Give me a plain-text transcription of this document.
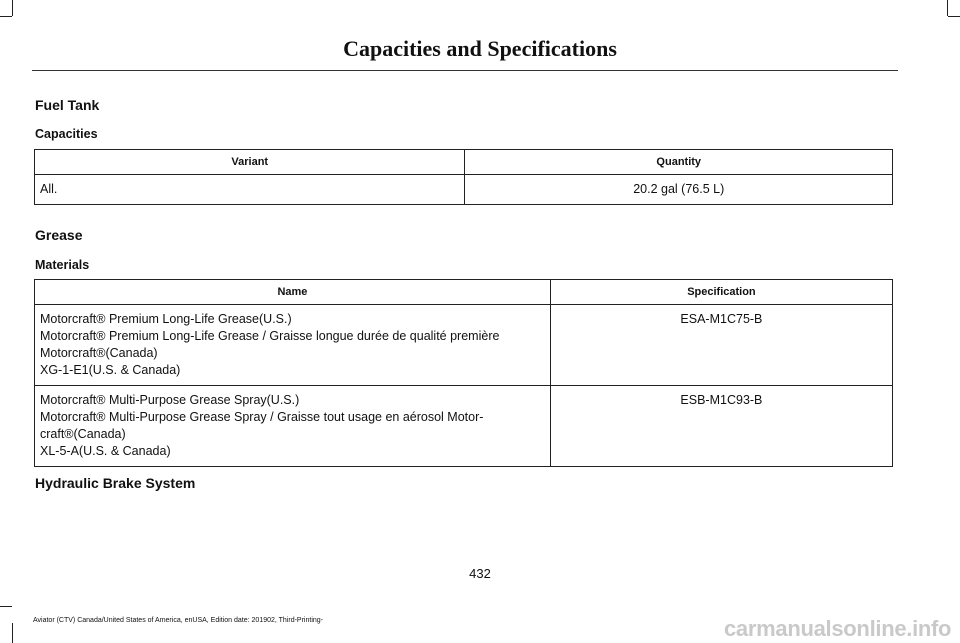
Capacities and Specifications
Fuel Tank
Capacities
Variant	Quantity
All.	20.2 gal (76.5 L)
Grease
Materials
Name	Specification

Motorcraft® Premium Long-Life Grease(U.S.)
Motorcraft® Premium Long-Life Grease / Graisse longue durée de qualité première
Motorcraft®(Canada)
XG-1-E1(U.S. & Canada)	ESA-M1C75-B

Motorcraft® Multi-Purpose Grease Spray(U.S.)
Motorcraft® Multi-Purpose Grease Spray / Graisse tout usage en aérosol Motor-
craft®(Canada)
XL-5-A(U.S. & Canada)	ESB-M1C93-B
Hydraulic Brake System
432
Aviator (CTV) Canada/United States of America, enUSA, Edition date: 201902, Third-Printing-	carmanualsonline.info
